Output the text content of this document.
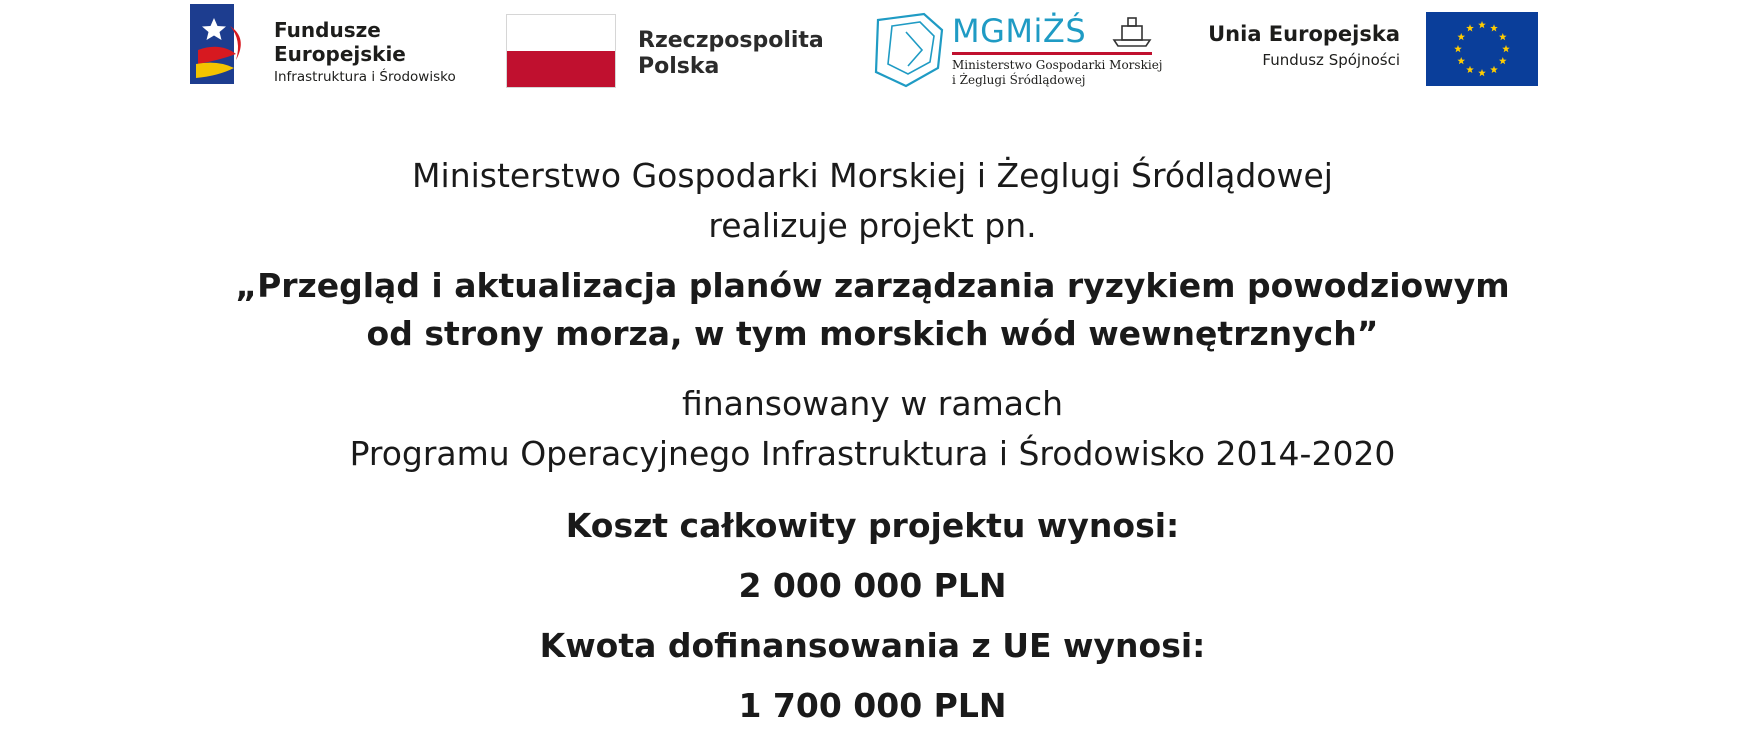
Fundusze
Europejskie
Infrastruktura i Środowisko
Rzeczpospolita
Polska
MGMiŻŚ
Ministerstwo Gospodarki Morskiej
i Żeglugi Śródlądowej
Unia Europejska
Fundusz Spójności
Ministerstwo Gospodarki Morskiej i Żeglugi Śródlądowej
realizuje projekt pn.
„Przegląd i aktualizacja planów zarządzania ryzykiem powodziowym
od strony morza, w tym morskich wód wewnętrznych”
finansowany w ramach
Programu Operacyjnego Infrastruktura i Środowisko 2014-2020
Koszt całkowity projektu wynosi:
2 000 000 PLN
Kwota dofinansowania z UE wynosi:
1 700 000 PLN
